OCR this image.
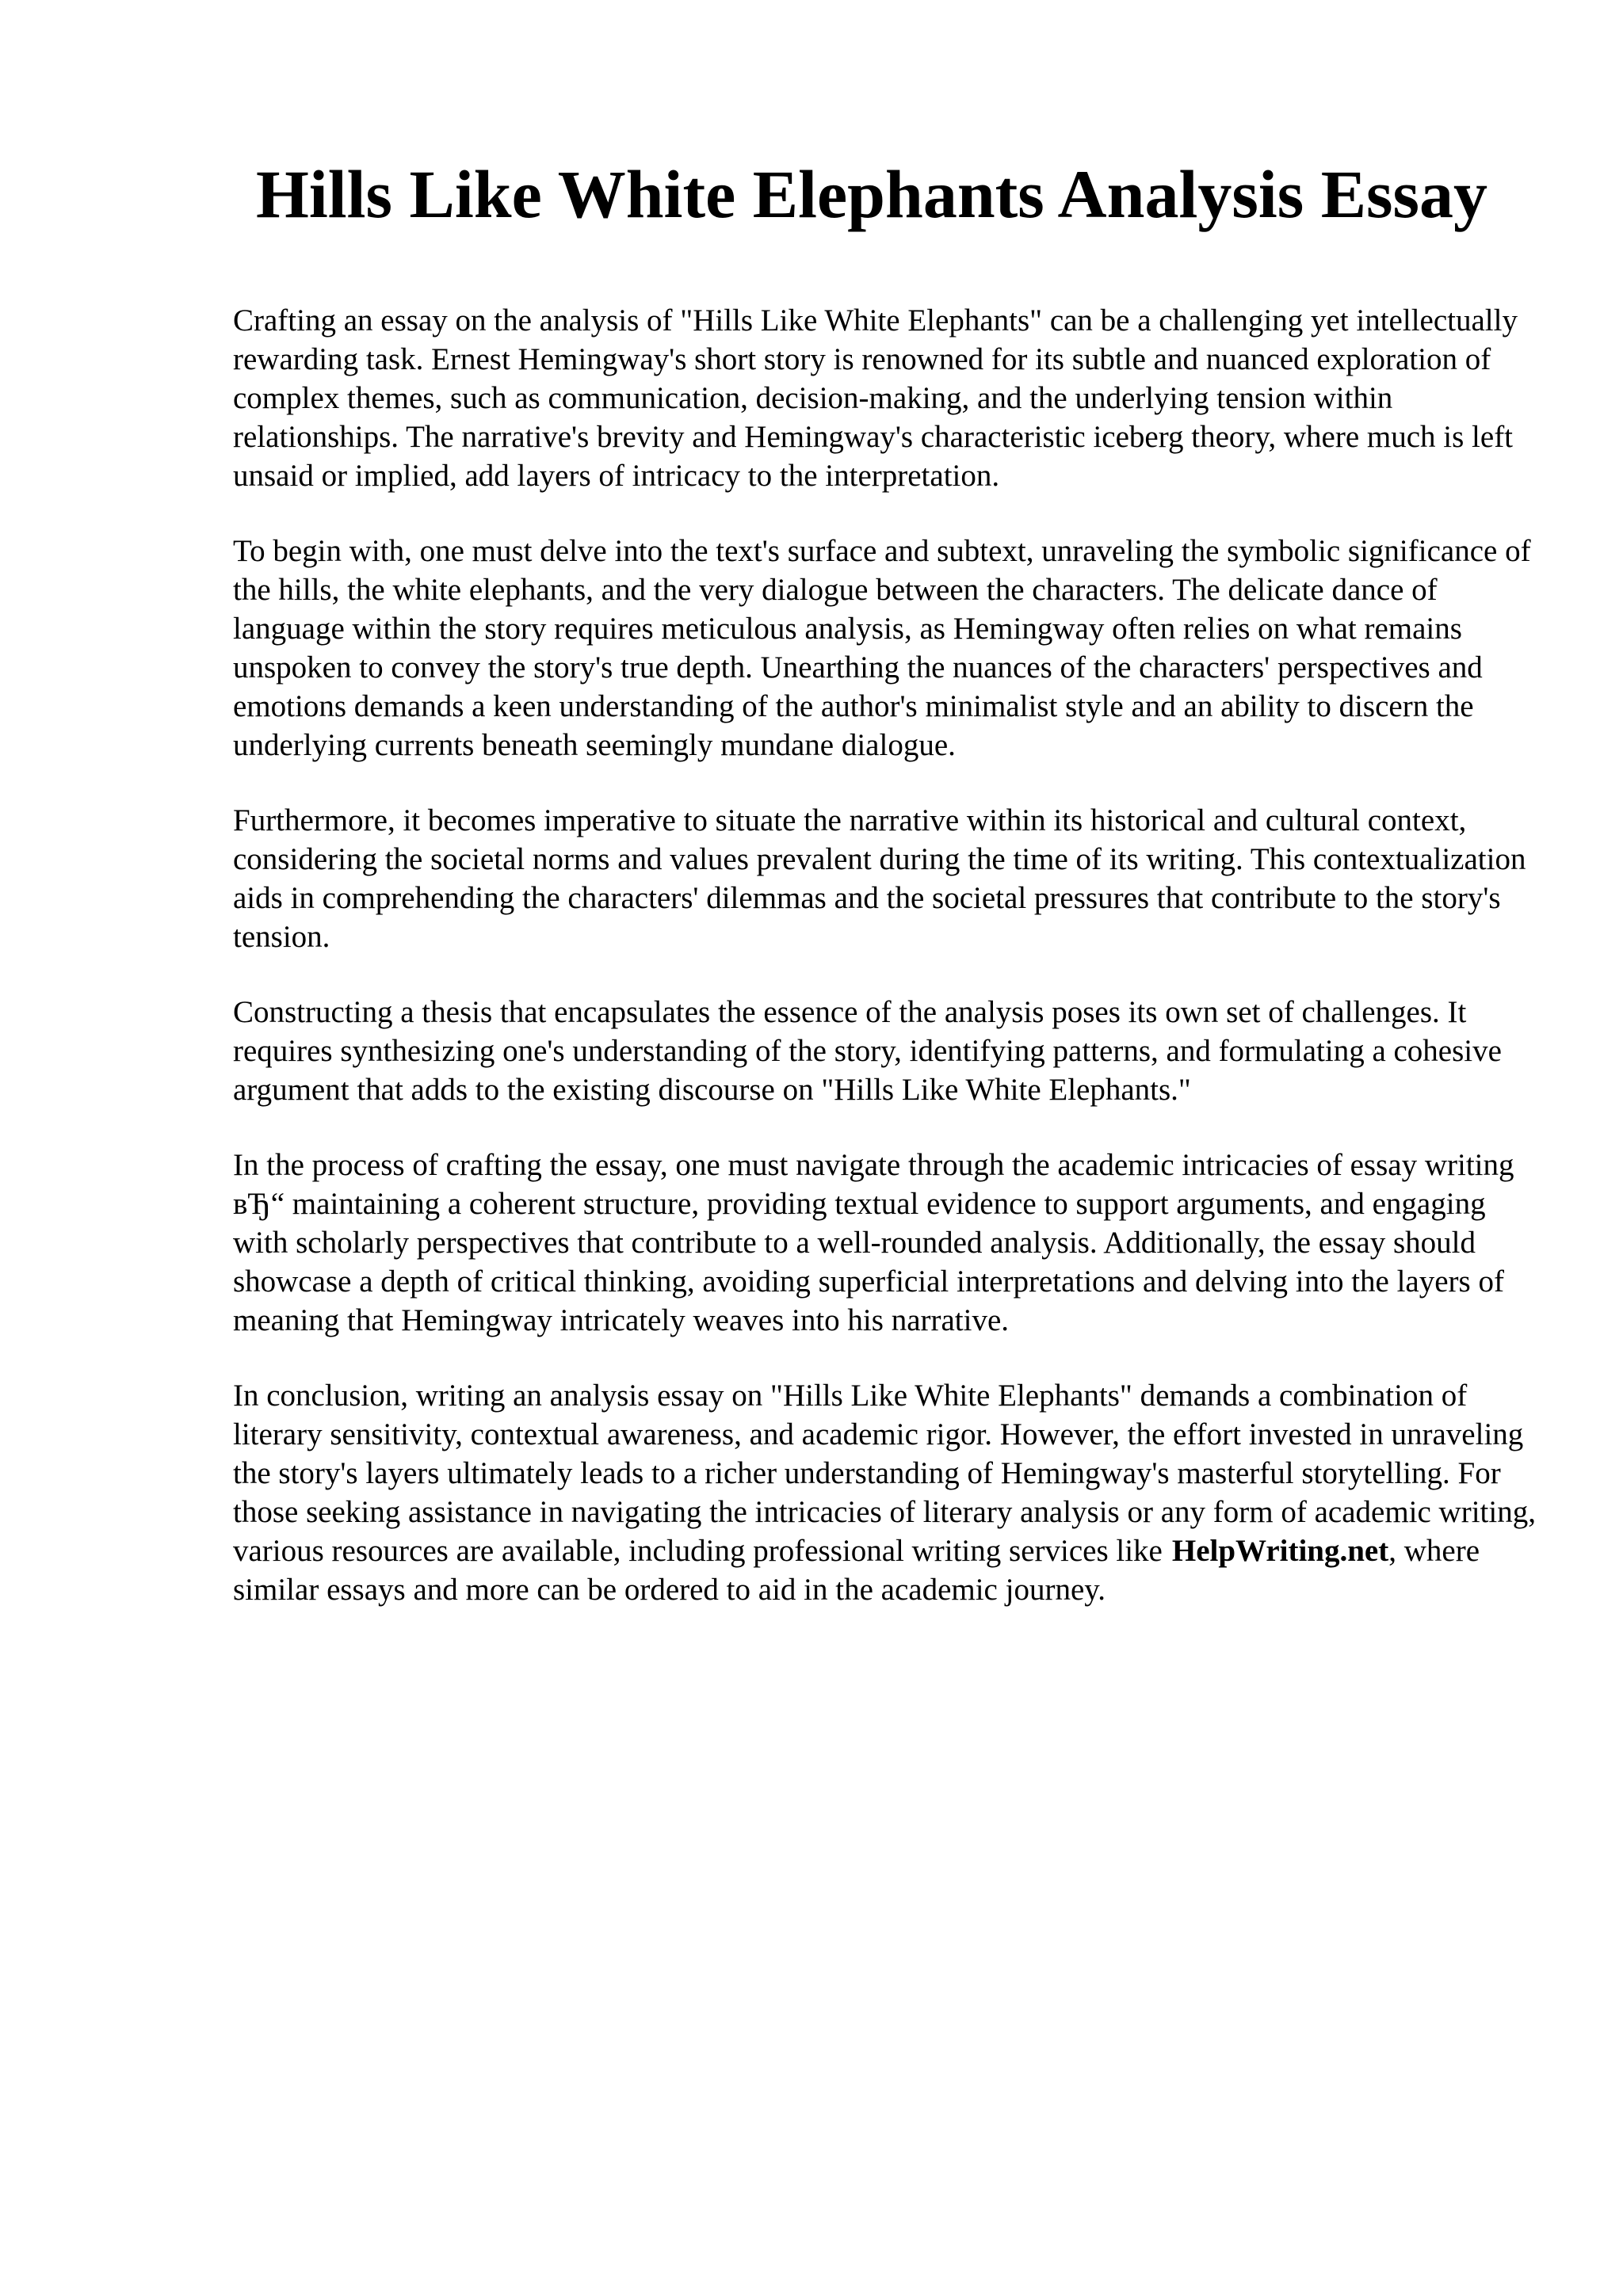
Hills Like White Elephants Analysis Essay

Crafting an essay on the analysis of "Hills Like White Elephants" can be a challenging yet intellectually rewarding task. Ernest Hemingway's short story is renowned for its subtle and nuanced exploration of complex themes, such as communication, decision-making, and the underlying tension within relationships. The narrative's brevity and Hemingway's characteristic iceberg theory, where much is left unsaid or implied, add layers of intricacy to the interpretation.

To begin with, one must delve into the text's surface and subtext, unraveling the symbolic significance of the hills, the white elephants, and the very dialogue between the characters. The delicate dance of language within the story requires meticulous analysis, as Hemingway often relies on what remains unspoken to convey the story's true depth. Unearthing the nuances of the characters' perspectives and emotions demands a keen understanding of the author's minimalist style and an ability to discern the underlying currents beneath seemingly mundane dialogue.

Furthermore, it becomes imperative to situate the narrative within its historical and cultural context, considering the societal norms and values prevalent during the time of its writing. This contextualization aids in comprehending the characters' dilemmas and the societal pressures that contribute to the story's tension.

Constructing a thesis that encapsulates the essence of the analysis poses its own set of challenges. It requires synthesizing one's understanding of the story, identifying patterns, and formulating a cohesive argument that adds to the existing discourse on "Hills Like White Elephants."

In the process of crafting the essay, one must navigate through the academic intricacies of essay writing вЂ“ maintaining a coherent structure, providing textual evidence to support arguments, and engaging with scholarly perspectives that contribute to a well-rounded analysis. Additionally, the essay should showcase a depth of critical thinking, avoiding superficial interpretations and delving into the layers of meaning that Hemingway intricately weaves into his narrative.

In conclusion, writing an analysis essay on "Hills Like White Elephants" demands a combination of literary sensitivity, contextual awareness, and academic rigor. However, the effort invested in unraveling the story's layers ultimately leads to a richer understanding of Hemingway's masterful storytelling. For those seeking assistance in navigating the intricacies of literary analysis or any form of academic writing, various resources are available, including professional writing services like HelpWriting.net, where similar essays and more can be ordered to aid in the academic journey.
